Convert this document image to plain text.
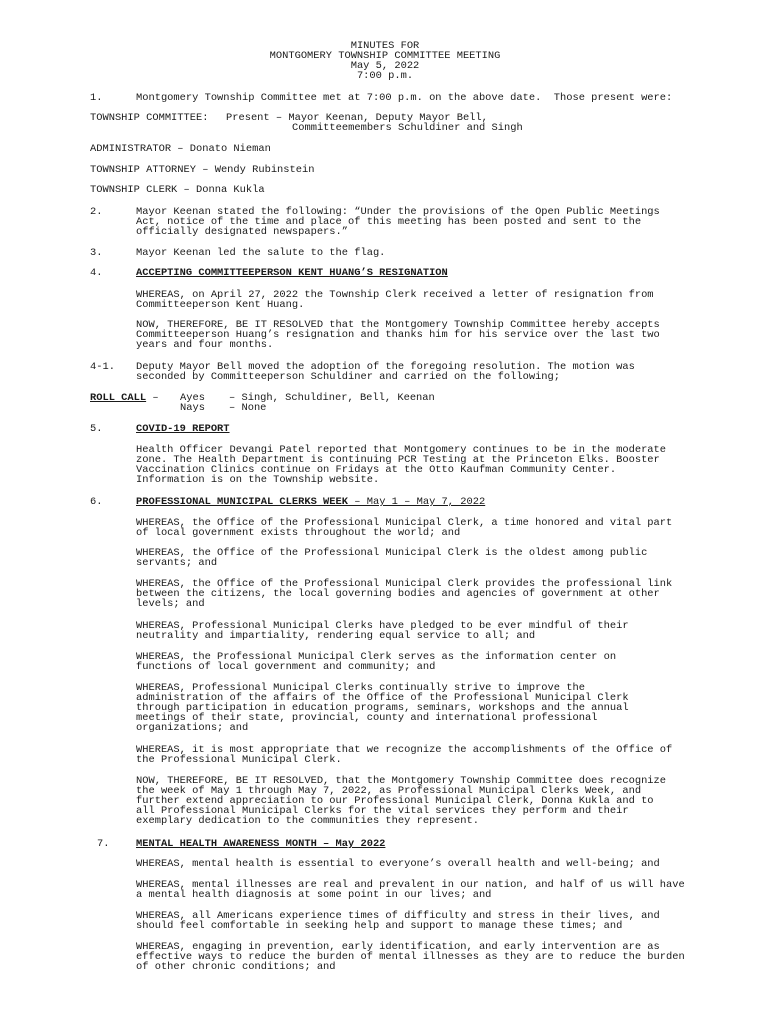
MINUTES FOR
MONTGOMERY TOWNSHIP COMMITTEE MEETING
May 5, 2022
7:00 p.m.
1.	Montgomery Township Committee met at 7:00 p.m. on the above date.  Those present were:
TOWNSHIP COMMITTEE: Present – Mayor Keenan, Deputy Mayor Bell,
Committeemembers Schuldiner and Singh
ADMINISTRATOR – Donato Nieman
TOWNSHIP ATTORNEY – Wendy Rubinstein
TOWNSHIP CLERK – Donna Kukla
2.	Mayor Keenan stated the following: “Under the provisions of the Open Public Meetings
Act, notice of the time and place of this meeting has been posted and sent to the
officially designated newspapers.”
3.	Mayor Keenan led the salute to the flag.
4.	ACCEPTING COMMITTEEPERSON KENT HUANG’S RESIGNATION
WHEREAS, on April 27, 2022 the Township Clerk received a letter of resignation from
Committeeperson Kent Huang.
NOW, THEREFORE, BE IT RESOLVED that the Montgomery Township Committee hereby accepts
Committeeperson Huang’s resignation and thanks him for his service over the last two
years and four months.
4-1. Deputy Mayor Bell moved the adoption of the foregoing resolution. The motion was
seconded by Committeeperson Schuldiner and carried on the following;
ROLL CALL – Ayes – Singh, Schuldiner, Bell, Keenan
Nays – None
5.	COVID-19 REPORT
Health Officer Devangi Patel reported that Montgomery continues to be in the moderate
zone. The Health Department is continuing PCR Testing at the Princeton Elks. Booster
Vaccination Clinics continue on Fridays at the Otto Kaufman Community Center.
Information is on the Township website.
6.	PROFESSIONAL MUNICIPAL CLERKS WEEK – May 1 – May 7, 2022
WHEREAS, the Office of the Professional Municipal Clerk, a time honored and vital part
of local government exists throughout the world; and
WHEREAS, the Office of the Professional Municipal Clerk is the oldest among public
servants; and
WHEREAS, the Office of the Professional Municipal Clerk provides the professional link
between the citizens, the local governing bodies and agencies of government at other
levels; and
WHEREAS, Professional Municipal Clerks have pledged to be ever mindful of their
neutrality and impartiality, rendering equal service to all; and
WHEREAS, the Professional Municipal Clerk serves as the information center on
functions of local government and community; and
WHEREAS, Professional Municipal Clerks continually strive to improve the
administration of the affairs of the Office of the Professional Municipal Clerk
through participation in education programs, seminars, workshops and the annual
meetings of their state, provincial, county and international professional
organizations; and
WHEREAS, it is most appropriate that we recognize the accomplishments of the Office of
the Professional Municipal Clerk.
NOW, THEREFORE, BE IT RESOLVED, that the Montgomery Township Committee does recognize
the week of May 1 through May 7, 2022, as Professional Municipal Clerks Week, and
further extend appreciation to our Professional Municipal Clerk, Donna Kukla and to
all Professional Municipal Clerks for the vital services they perform and their
exemplary dedication to the communities they represent.
7.	MENTAL HEALTH AWARENESS MONTH – May 2022
WHEREAS, mental health is essential to everyone’s overall health and well-being; and
WHEREAS, mental illnesses are real and prevalent in our nation, and half of us will have
a mental health diagnosis at some point in our lives; and
WHEREAS, all Americans experience times of difficulty and stress in their lives, and
should feel comfortable in seeking help and support to manage these times; and
WHEREAS, engaging in prevention, early identification, and early intervention are as
effective ways to reduce the burden of mental illnesses as they are to reduce the burden
of other chronic conditions; and
